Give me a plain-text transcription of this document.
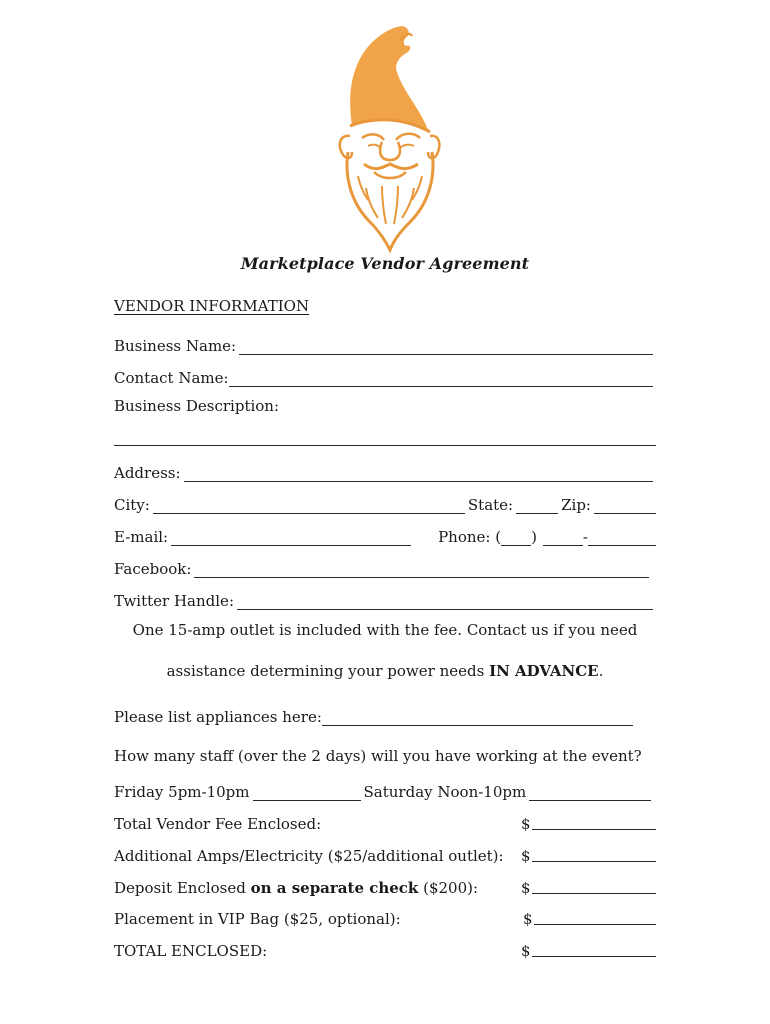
Marketplace Vendor Agreement
VENDOR INFORMATION
Business Name:
Contact Name:
Business Description:
Address:
City:	State:	Zip:
E-mail:	Phone: ( )	-
Facebook:
Twitter Handle:
One 15-amp outlet is included with the fee. Contact us if you need
assistance determining your power needs IN ADVANCE.
Please list appliances here:
How many staff (over the 2 days) will you have working at the event?
Friday 5pm-10pm	Saturday Noon-10pm
Total Vendor Fee Enclosed:	$
Additional Amps/Electricity ($25/additional outlet): $
Deposit Enclosed on a separate check ($200):	$
Placement in VIP Bag ($25, optional):	$
TOTAL ENCLOSED:	$
